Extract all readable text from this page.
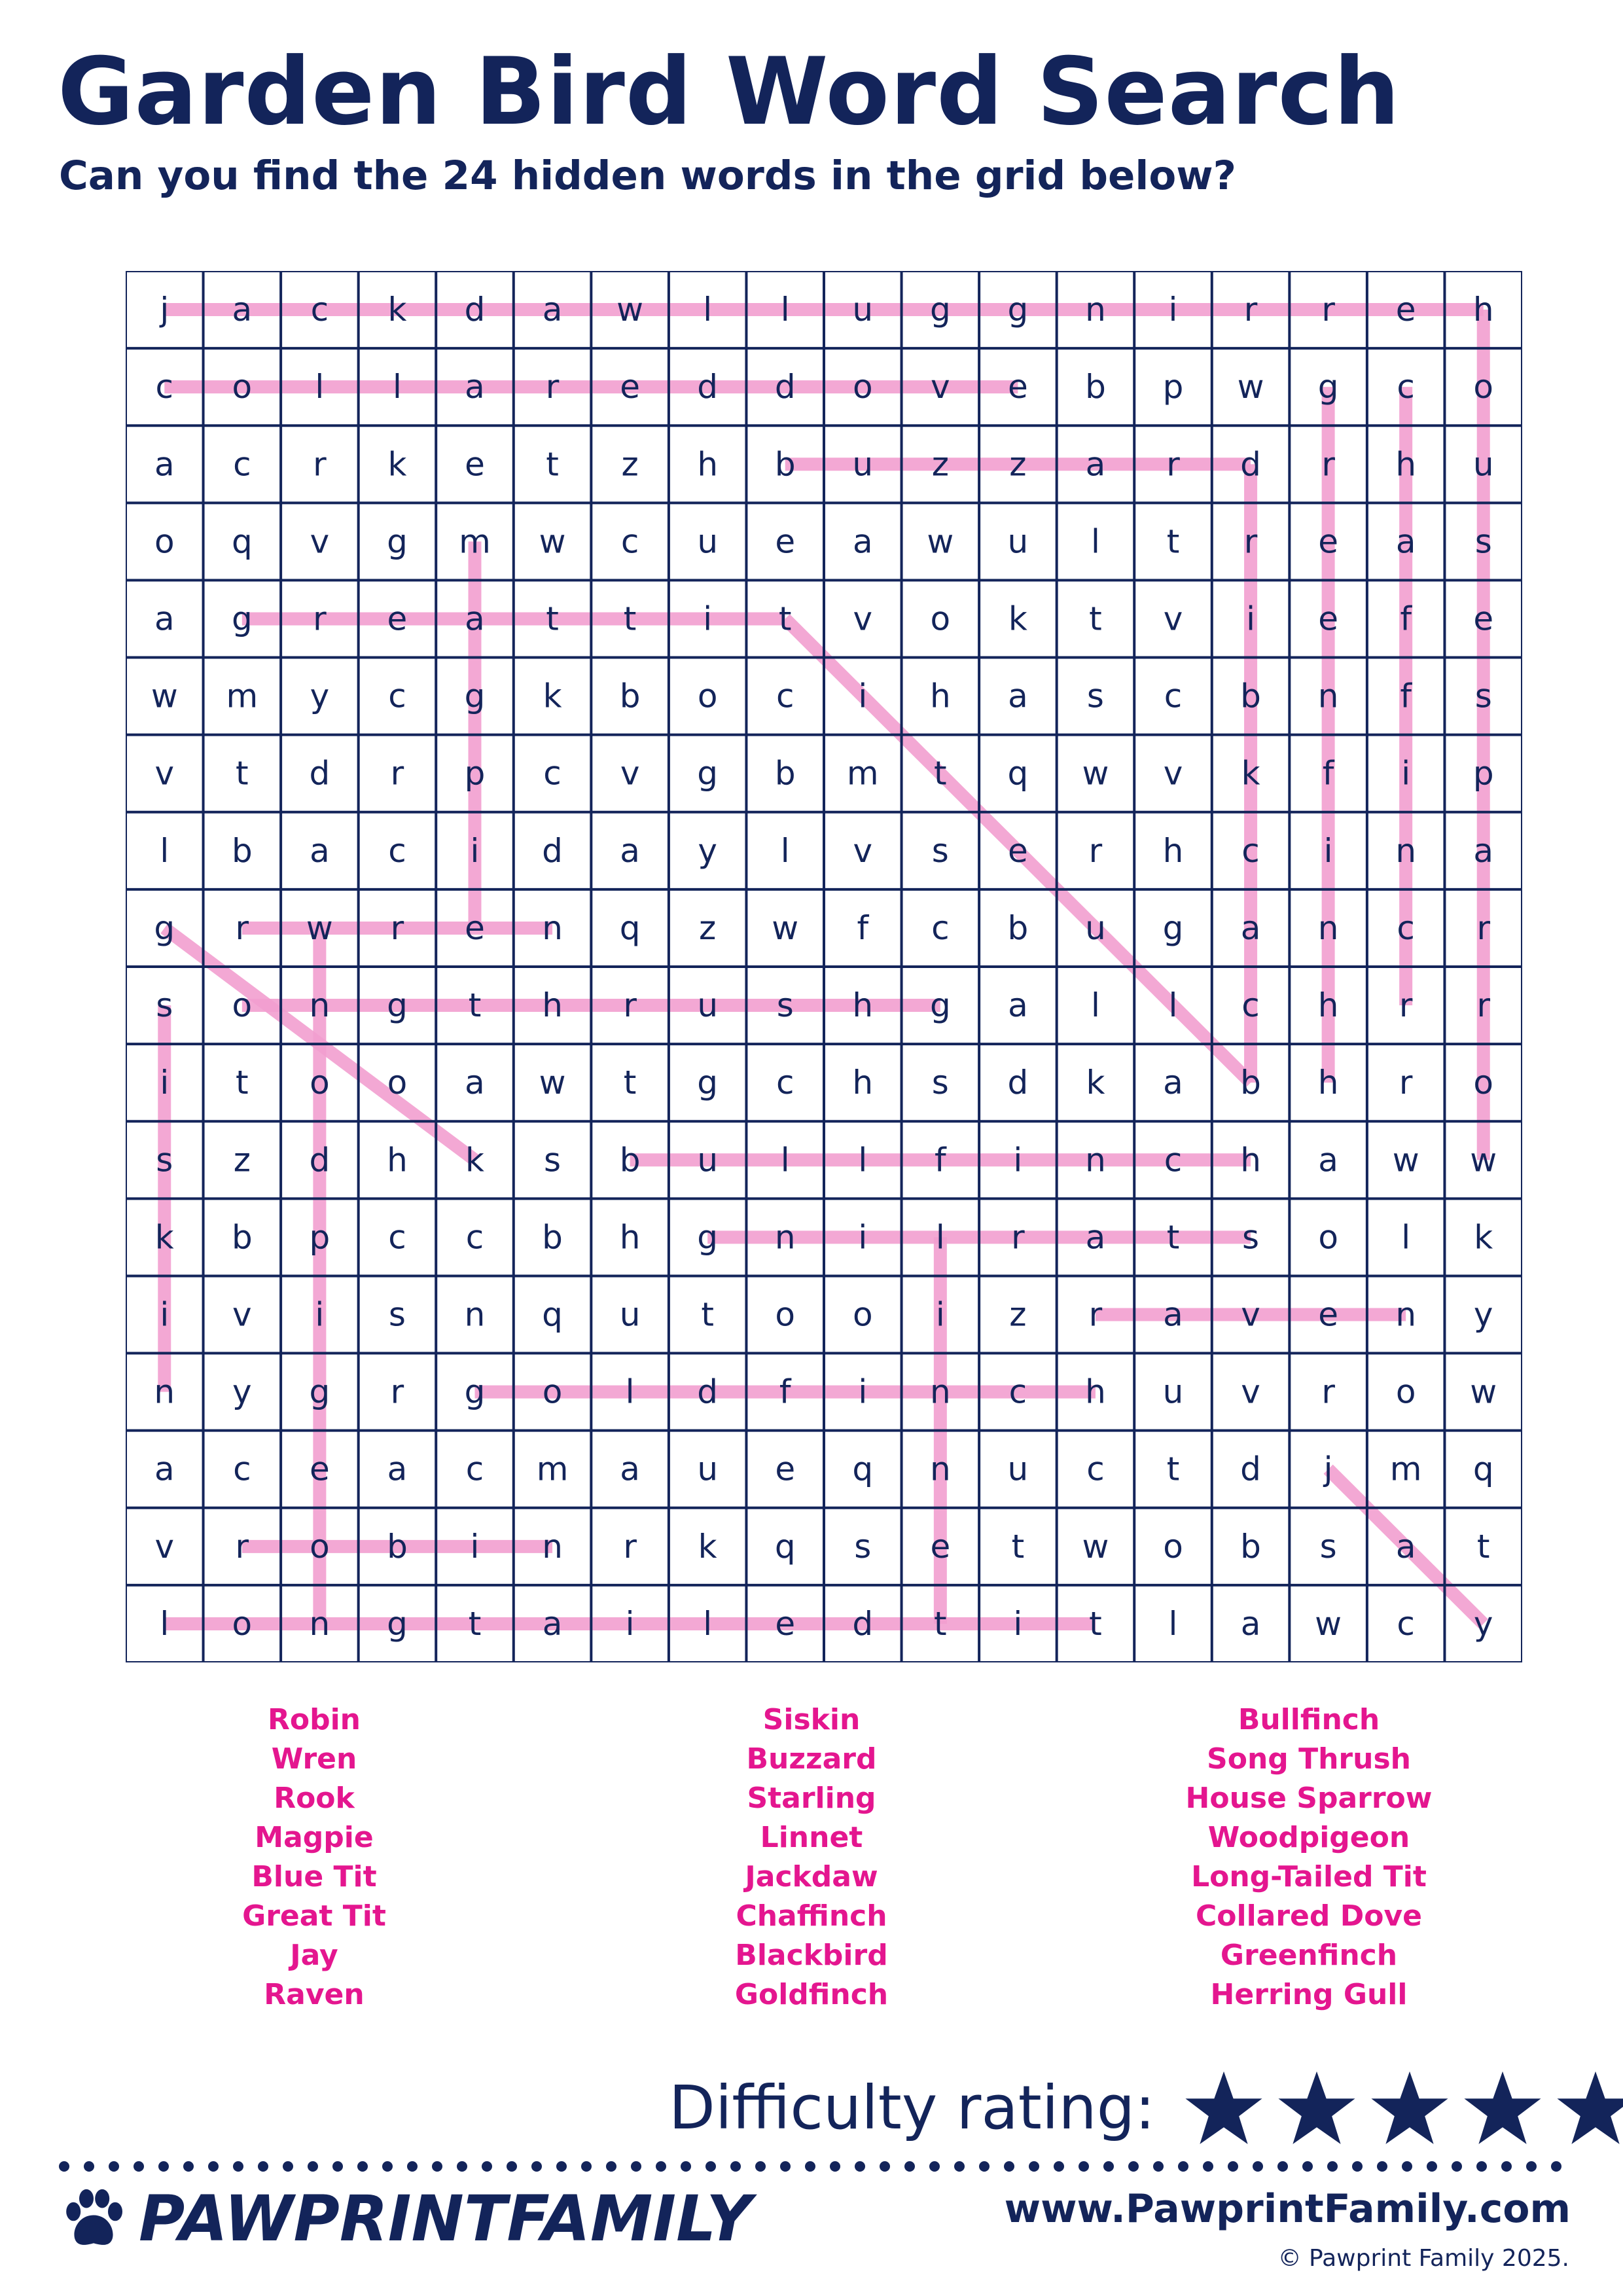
Garden Bird Word Search

Can you find the 24 hidden words in the grid below?

j a c k d a w l l u g g n i r r e h
c o l l a r e d d o v e b p w g c o
a c r k e t z h b u z z a r d r h u
o q v g m w c u e a w u l t r e a s
a g r e a t t i t v o k t v i e f e
w m y c g k b o c i h a s c b n f s
v t d r p c v g b m t q w v k f i p
l b a c i d a y l v s e r h c i n a
g r w r e n q z w f c b u g a n c r
s o n g t h r u s h g a l l c h r r
i t o o a w t g c h s d k a b h r o
s z d h k s b u l l f i n c h a w w
k b p c c b h g n i l r a t s o l k
i v i s n q u t o o i z r a v e n y
n y g r g o l d f i n c h u v r o w
a c e a c m a u e q n u c t d j m q
v r o b i n r k q s e t w o b s a t
l o n g t a i l e d t i t l a w c y
Robin
Wren
Rook
Magpie
Blue Tit
Great Tit
Jay
Raven
Siskin
Buzzard
Starling
Linnet
Jackdaw
Chaffinch
Blackbird
Goldfinch
Bullfinch
Song Thrush
House Sparrow
Woodpigeon
Long-Tailed Tit
Collared Dove
Greenfinch
Herring Gull
Difficulty rating:
PAWPRINTFAMILY	www.PawprintFamily.com
© Pawprint Family 2025.
